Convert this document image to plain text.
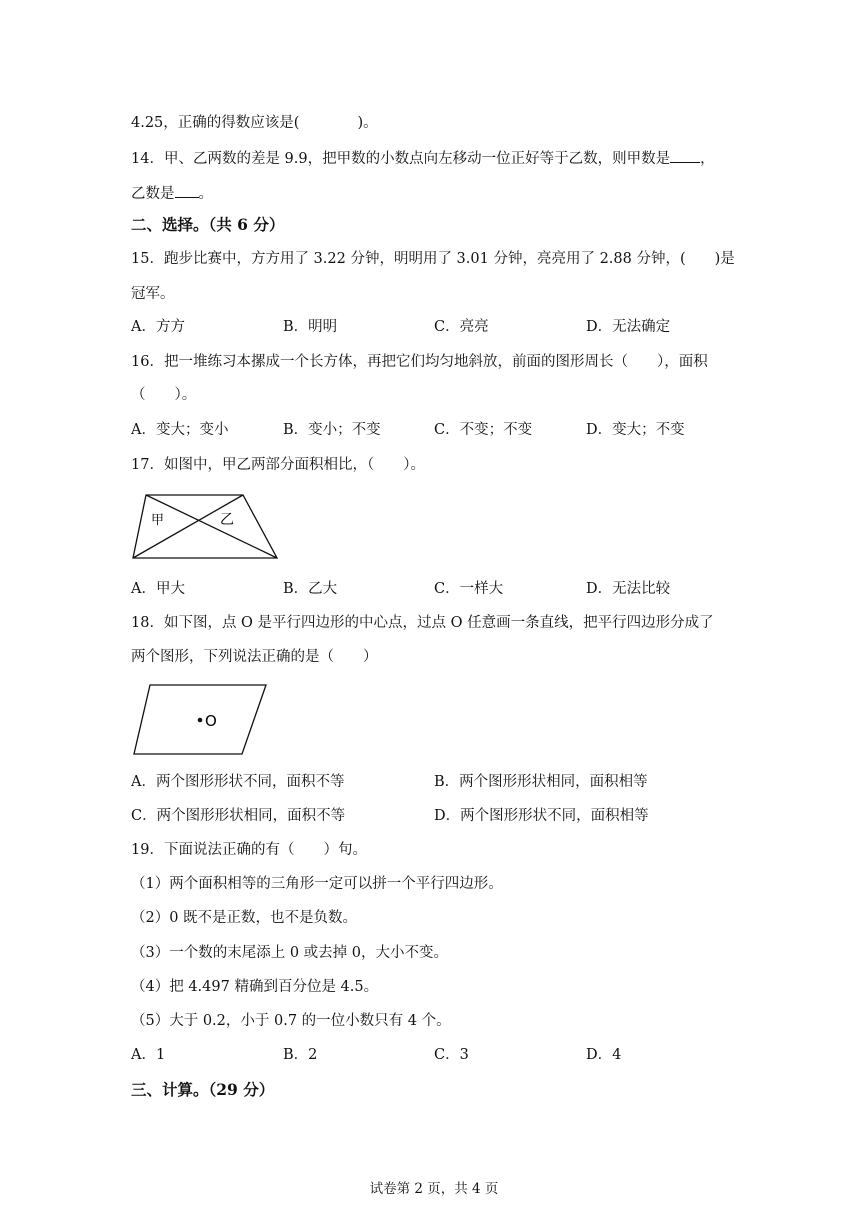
4.25，正确的得数应该是(　　　　)。
14．甲、乙两数的差是 9.9，把甲数的小数点向左移动一位正好等于乙数，则甲数是 ，
乙数是 。
二、选择。（共 6 分）
15．跑步比赛中，方方用了 3.22 分钟，明明用了 3.01 分钟，亮亮用了 2.88 分钟，(　　)是
冠军。
A．方方	B．明明	C．亮亮	D．无法确定
16．把一堆练习本摞成一个长方体，再把它们均匀地斜放，前面的图形周长（　　），面积
（　　）。
A．变大；变小	B．变小；不变	C．不变；不变	D．变大；不变
17．如图中，甲乙两部分面积相比，（　　）。
甲	乙
A．甲大	B．乙大	C．一样大	D．无法比较
18．如下图，点 O 是平行四边形的中心点，过点 O 任意画一条直线，把平行四边形分成了
两个图形，下列说法正确的是（　　）
O
A．两个图形形状不同，面积不等	B．两个图形形状相同，面积相等
C．两个图形形状相同，面积不等	D．两个图形形状不同，面积相等
19．下面说法正确的有（　　）句。
（1）两个面积相等的三角形一定可以拼一个平行四边形。
（2）0 既不是正数，也不是负数。
（3）一个数的末尾添上 0 或去掉 0，大小不变。
（4）把 4.497 精确到百分位是 4.5。
（5）大于 0.2，小于 0.7 的一位小数只有 4 个。
A．1	B．2	C．3	D．4
三、计算。（29 分）
试卷第 2 页，共 4 页
